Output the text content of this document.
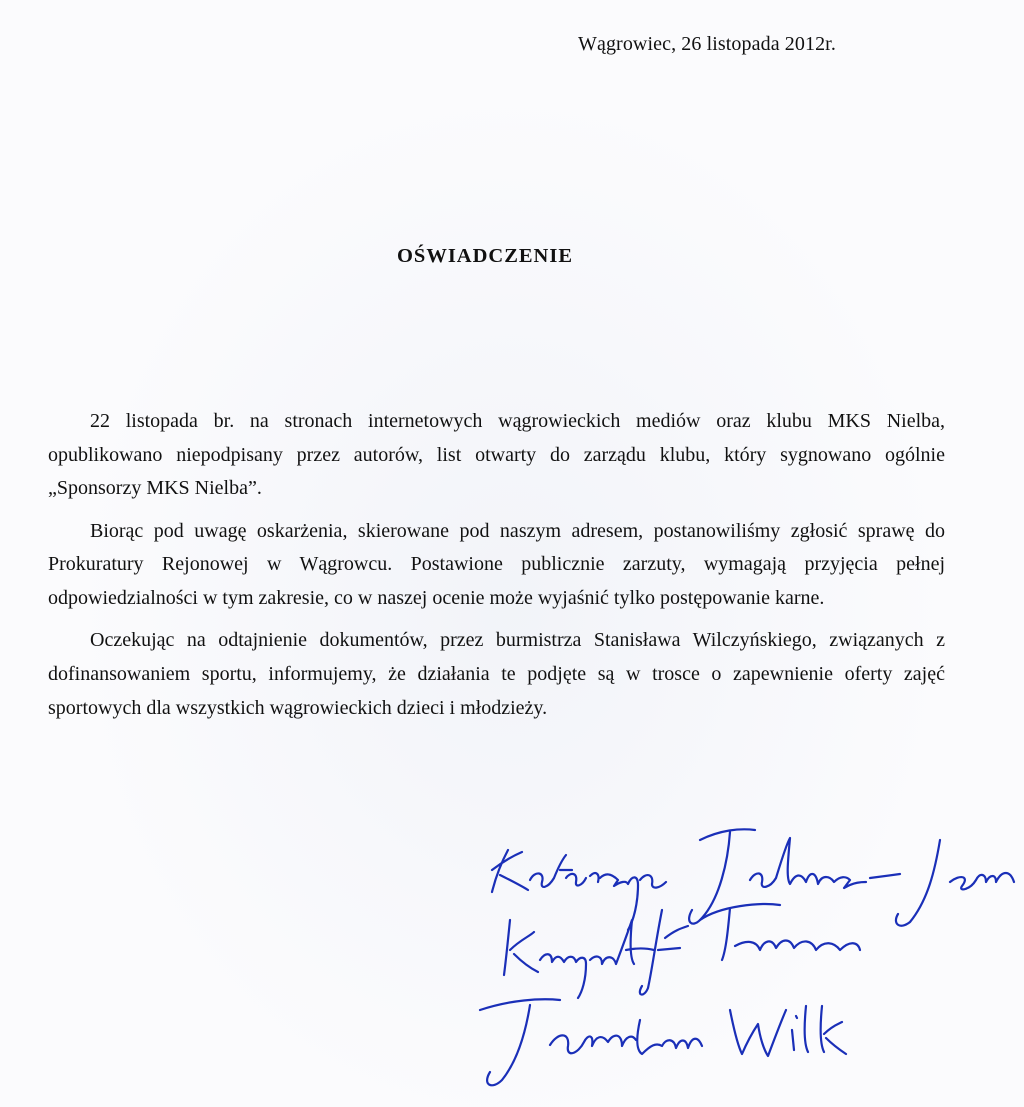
Wągrowiec, 26 listopada 2012r.
OŚWIADCZENIE

22 listopada br. na stronach internetowych wągrowieckich mediów oraz klubu MKS Nielba, opublikowano niepodpisany przez autorów, list otwarty do zarządu klubu, który sygnowano ogólnie „Sponsorzy MKS Nielba”.

Biorąc pod uwagę oskarżenia, skierowane pod naszym adresem, postanowiliśmy zgłosić sprawę do Prokuratury Rejonowej w Wągrowcu. Postawione publicznie zarzuty, wymagają przyjęcia pełnej odpowiedzialności w tym zakresie, co w naszej ocenie może wyjaśnić tylko postępowanie karne.

Oczekując na odtajnienie dokumentów, przez burmistrza Stanisława Wilczyńskiego, związanych z dofinansowaniem sportu, informujemy, że działania te podjęte są w trosce o zapewnienie oferty zajęć sportowych dla wszystkich wągrowieckich dzieci i młodzieży.
